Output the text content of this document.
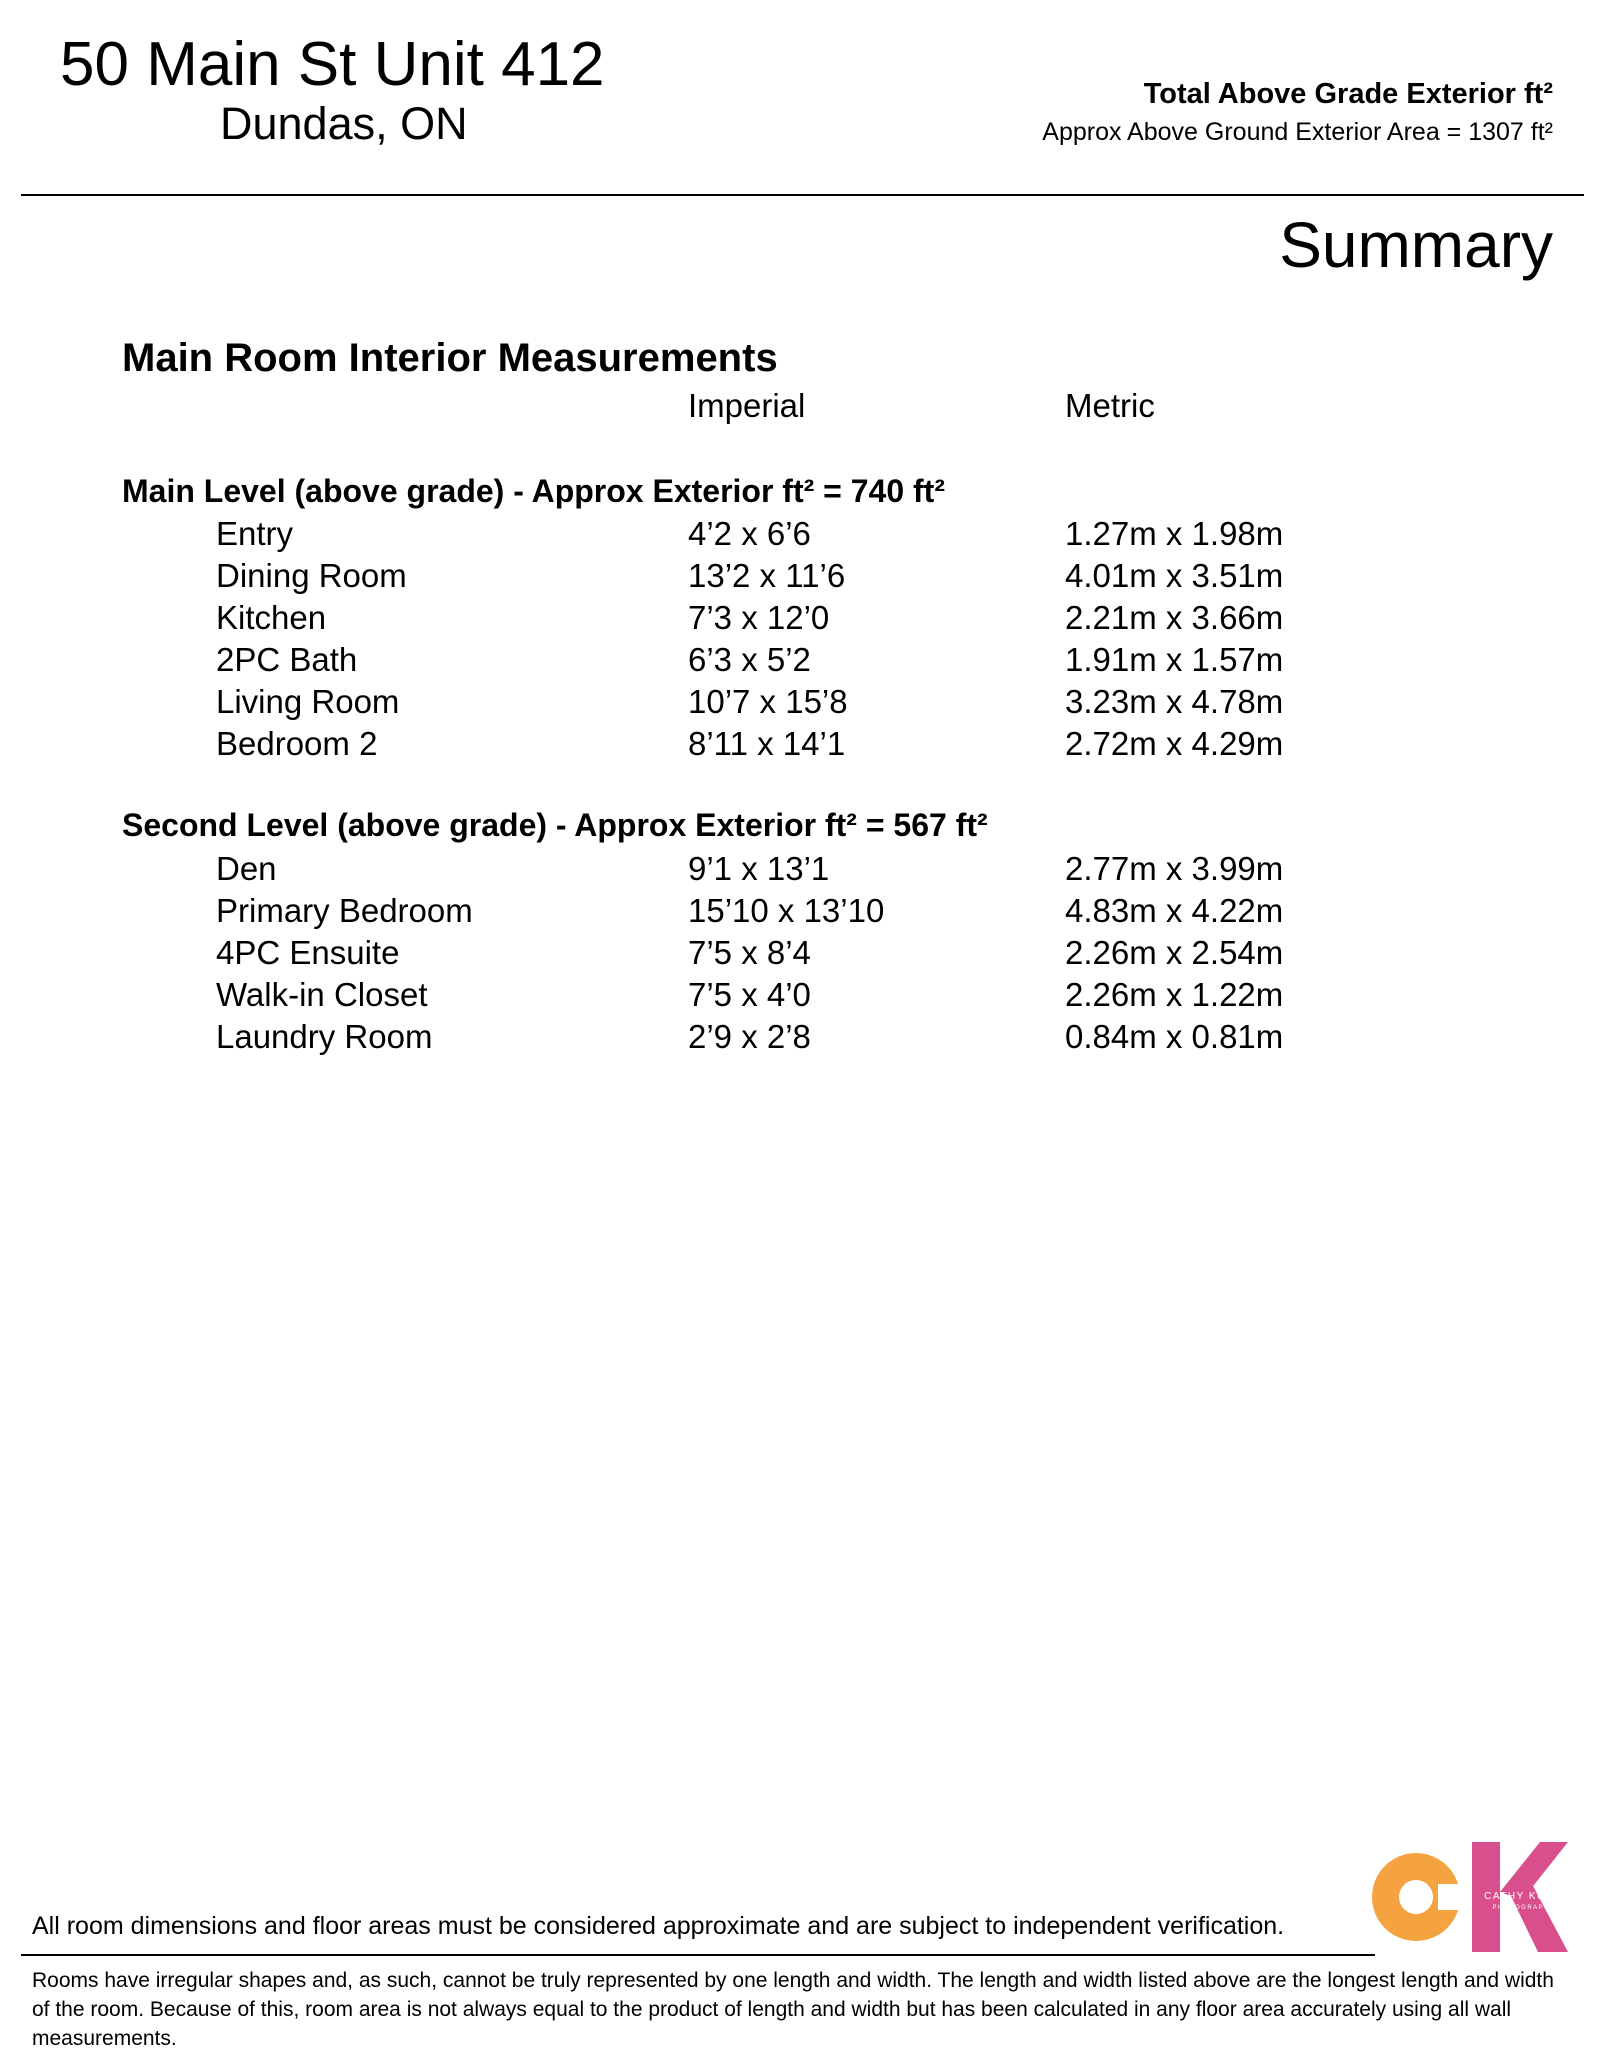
50 Main St Unit 412
Dundas, ON
Total Above Grade Exterior ft²
Approx Above Ground Exterior Area = 1307 ft²
Summary
Main Room Interior Measurements
Imperial	Metric
Main Level (above grade) - Approx Exterior ft² = 740 ft²
Entry	4’2 x 6’6	1.27m x 1.98m
Dining Room	13’2 x 11’6	4.01m x 3.51m
Kitchen	7’3 x 12’0	2.21m x 3.66m
2PC Bath	6’3 x 5’2	1.91m x 1.57m
Living Room	10’7 x 15’8	3.23m x 4.78m
Bedroom 2	8’11 x 14’1	2.72m x 4.29m
Second Level (above grade) - Approx Exterior ft² = 567 ft²
Den	9’1 x 13’1	2.77m x 3.99m
Primary Bedroom	15’10 x 13’10	4.83m x 4.22m
4PC Ensuite	7’5 x 8’4	2.26m x 2.54m
Walk-in Closet	7’5 x 4’0	2.26m x 1.22m
Laundry Room	2’9 x 2’8	0.84m x 0.81m
CATHY KOOP
PHOTOGRAPHY
All room dimensions and floor areas must be considered approximate and are subject to independent verification.
Rooms have irregular shapes and, as such, cannot be truly represented by one length and width. The length and width listed above are the longest length and width of the room. Because of this, room area is not always equal to the product of length and width but has been calculated in any floor area accurately using all wall measurements.
